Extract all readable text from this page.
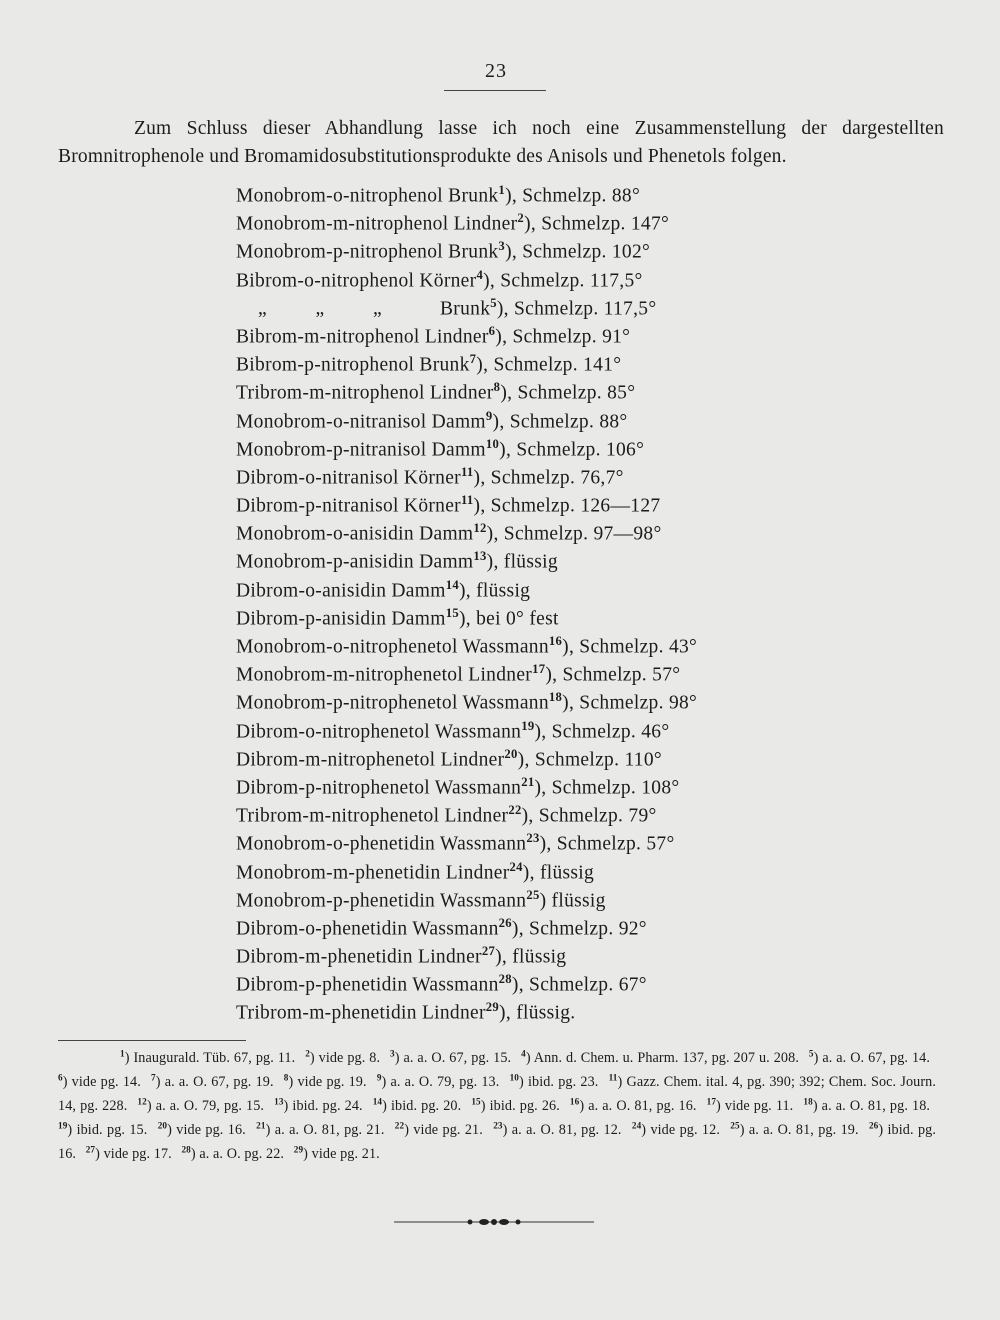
23
Zum Schluss dieser Abhandlung lasse ich noch eine Zusammenstellung der dargestellten
Bromnitrophenole und Bromamidosubstitutionsprodukte des Anisols und Phenetols folgen.
Monobrom-o-nitrophenol Brunk$^1$), Schmelzp. 88°
Monobrom-m-nitrophenol Lindner$^2$), Schmelzp. 147°
Monobrom-p-nitrophenol Brunk$^3$), Schmelzp. 102°
Bibrom-o-nitrophenol Körner$^4$), Schmelzp. 117,5°
„ „ „ Brunk$^5$), Schmelzp. 117,5°
Bibrom-m-nitrophenol Lindner$^6$), Schmelzp. 91°
Bibrom-p-nitrophenol Brunk$^7$), Schmelzp. 141°
Tribrom-m-nitrophenol Lindner$^8$), Schmelzp. 85°
Monobrom-o-nitranisol Damm$^9$), Schmelzp. 88°
Monobrom-p-nitranisol Damm$^{10}$), Schmelzp. 106°
Dibrom-o-nitranisol Körner$^{11}$), Schmelzp. 76,7°
Dibrom-p-nitranisol Körner$^{11}$), Schmelzp. 126—127
Monobrom-o-anisidin Damm$^{12}$), Schmelzp. 97—98°
Monobrom-p-anisidin Damm$^{13}$), flüssig
Dibrom-o-anisidin Damm$^{14}$), flüssig
Dibrom-p-anisidin Damm$^{15}$), bei 0° fest
Monobrom-o-nitrophenetol Wassmann$^{16}$), Schmelzp. 43°
Monobrom-m-nitrophenetol Lindner$^{17}$), Schmelzp. 57°
Monobrom-p-nitrophenetol Wassmann$^{18}$), Schmelzp. 98°
Dibrom-o-nitrophenetol Wassmann$^{19}$), Schmelzp. 46°
Dibrom-m-nitrophenetol Lindner$^{20}$), Schmelzp. 110°
Dibrom-p-nitrophenetol Wassmann$^{21}$), Schmelzp. 108°
Tribrom-m-nitrophenetol Lindner$^{22}$), Schmelzp. 79°
Monobrom-o-phenetidin Wassmann$^{23}$), Schmelzp. 57°
Monobrom-m-phenetidin Lindner$^{24}$), flüssig
Monobrom-p-phenetidin Wassmann$^{25}$) flüssig
Dibrom-o-phenetidin Wassmann$^{26}$), Schmelzp. 92°
Dibrom-m-phenetidin Lindner$^{27}$), flüssig
Dibrom-p-phenetidin Wassmann$^{28}$), Schmelzp. 67°
Tribrom-m-phenetidin Lindner$^{29}$), flüssig.
$^1$) Inaugurald. Tüb. 67, pg. 11. $^2$) vide pg. 8. $^3$) a. a. O. 67, pg. 15. $^4$) Ann. d. Chem. u. Pharm. 137, pg. 207 u. 208. $^5$) a. a. O. 67, pg. 14. $^6$) vide pg. 14. $^7$) a. a. O. 67, pg. 19. $^8$) vide pg. 19. $^9$) a. a. O. 79, pg. 13. $^{10}$) ibid. pg. 23. $^{11}$) Gazz. Chem. ital. 4, pg. 390; 392; Chem. Soc. Journ. 14, pg. 228. $^{12}$) a. a. O. 79, pg. 15. $^{13}$) ibid. pg. 24. $^{14}$) ibid. pg. 20. $^{15}$) ibid. pg. 26. $^{16}$) a. a. O. 81, pg. 16. $^{17}$) vide pg. 11. $^{18}$) a. a. O. 81, pg. 18. $^{19}$) ibid. pg. 15. $^{20}$) vide pg. 16. $^{21}$) a. a. O. 81, pg. 21. $^{22}$) vide pg. 21. $^{23}$) a. a. O. 81, pg. 12. $^{24}$) vide pg. 12. $^{25}$) a. a. O. 81, pg. 19. $^{26}$) ibid. pg. 16. $^{27}$) vide pg. 17. $^{28}$) a. a. O. pg. 22. $^{29}$) vide pg. 21.
